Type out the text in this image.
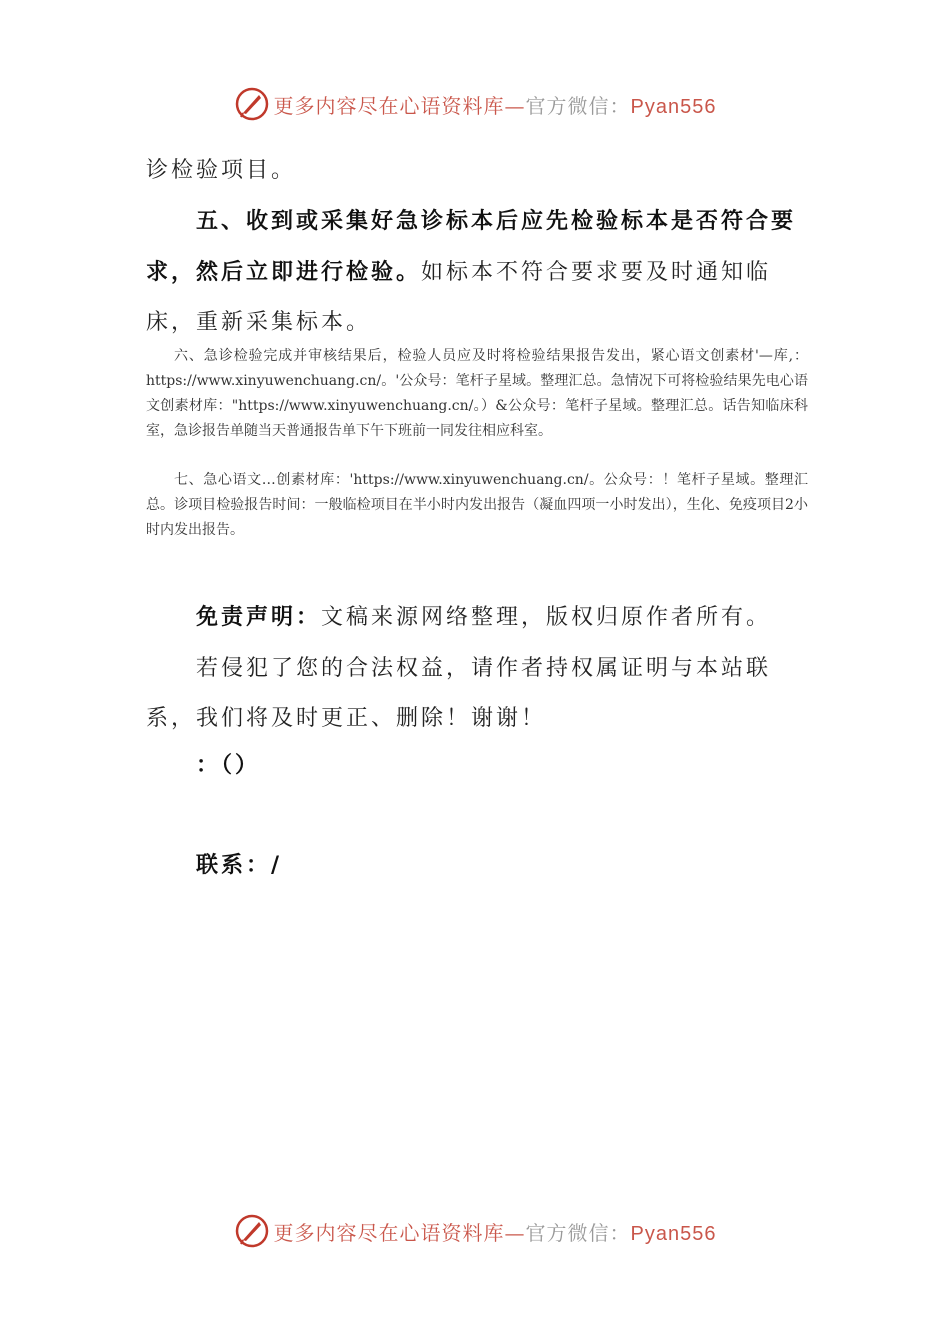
更多内容尽在心语资料库—官方微信：Pyan556

诊检验项目。

五、收到或采集好急诊标本后应先检验标本是否符合要求，然后立即进行检验。如标本不符合要求要及时通知临床，重新采集标本。

六、急诊检验完成并审核结果后，检验人员应及时将检验结果报告发出，紧心语文创素材'—库,：https://www.xinyuwenchuang.cn/。'公众号：笔杆子星域。整理汇总。急情况下可将检验结果先电心语文创素材库："https://www.xinyuwenchuang.cn/。）&公众号：笔杆子星域。整理汇总。话告知临床科室，急诊报告单随当天普通报告单下午下班前一同发往相应科室。

七、急心语文…创素材库：'https://www.xinyuwenchuang.cn/。公众号：！笔杆子星域。整理汇总。诊项目检验报告时间：一般临检项目在半小时内发出报告（凝血四项一小时发出），生化、免疫项目2小时内发出报告。

免责声明：文稿来源网络整理，版权归原作者所有。

若侵犯了您的合法权益，请作者持权属证明与本站联系，我们将及时更正、删除！谢谢！

：（）

联系：/

更多内容尽在心语资料库—官方微信：Pyan556
